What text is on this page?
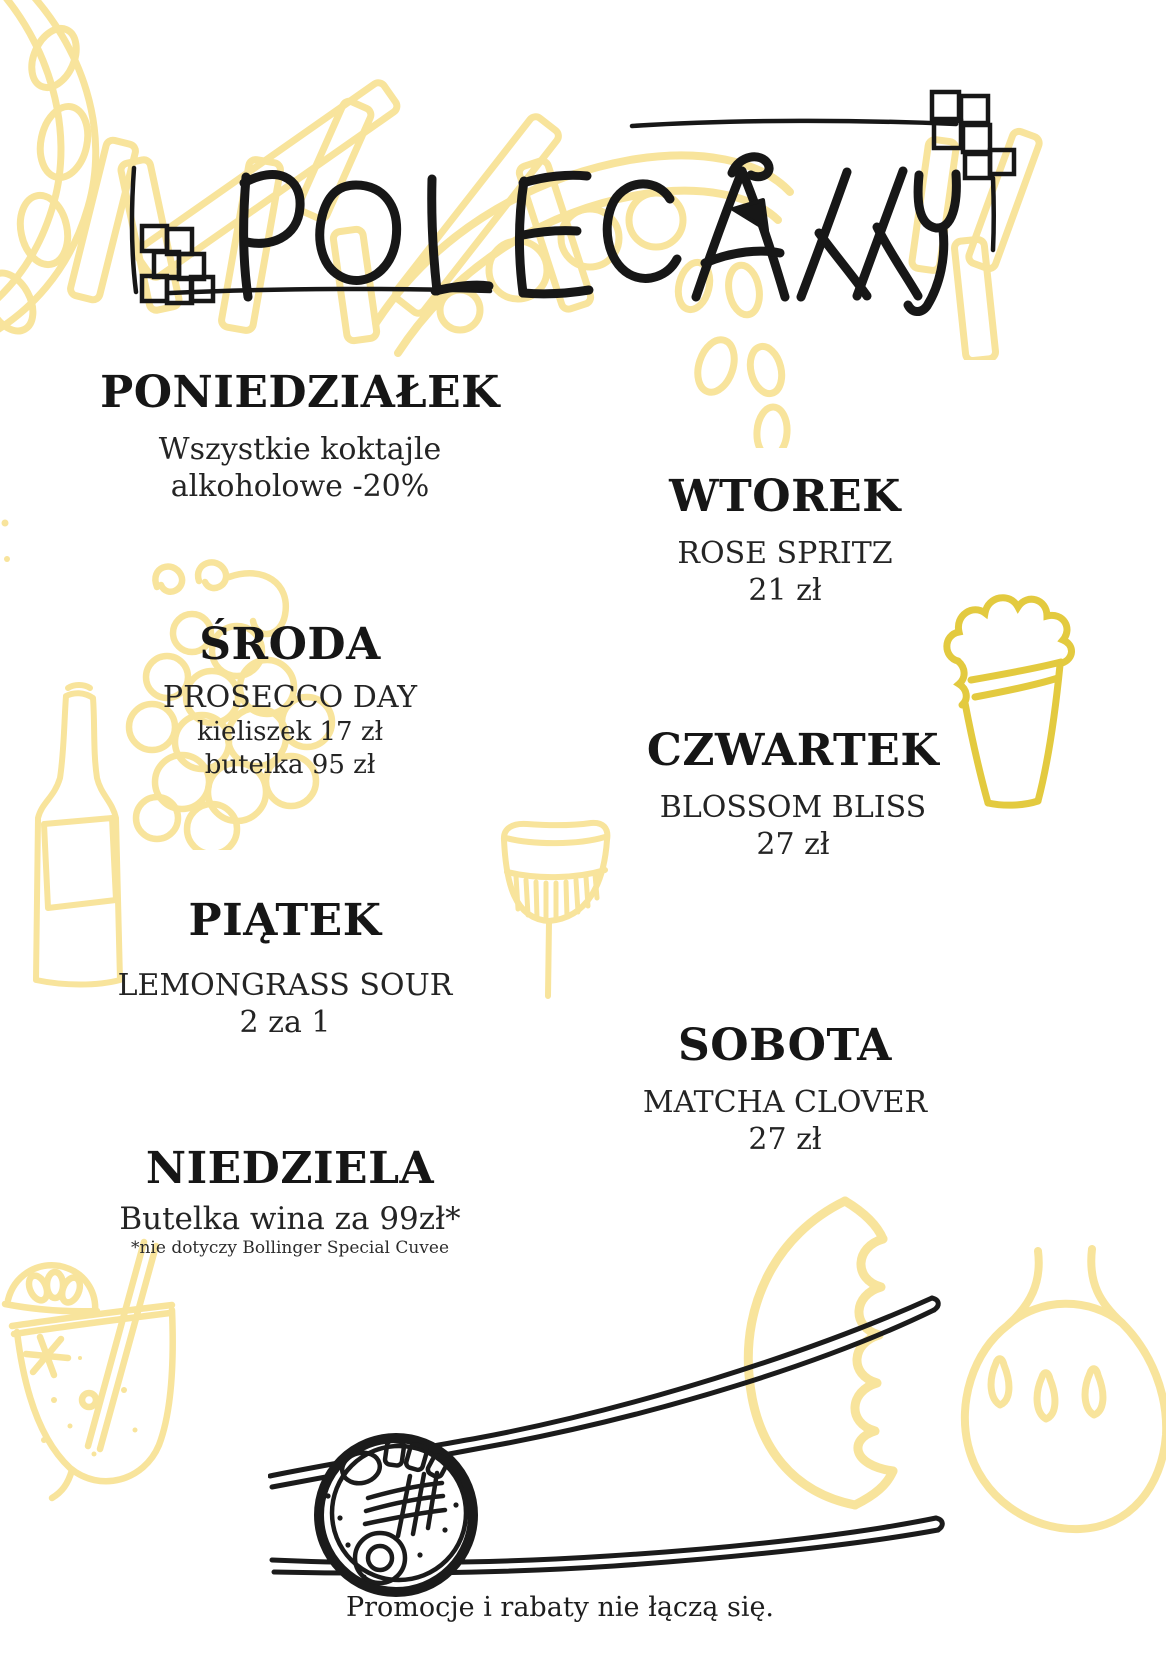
PONIEDZIAŁEK

Wszystkie koktajle

alkoholowe -20%	WTOREK

ROSE SPRITZ

21 zł

ŚRODA

PROSECCO DAY

kieliszek 17 zł

butelka 95 zł	CZWARTEK

BLOSSOM BLISS

27 zł

PIĄTEK

LEMONGRASS SOUR

2 za 1	SOBOTA

MATCHA CLOVER

27 zł

NIEDZIELA

Butelka wina za 99zł*

*nie dotyczy Bollinger Special Cuvee

Promocje i rabaty nie łączą się.
